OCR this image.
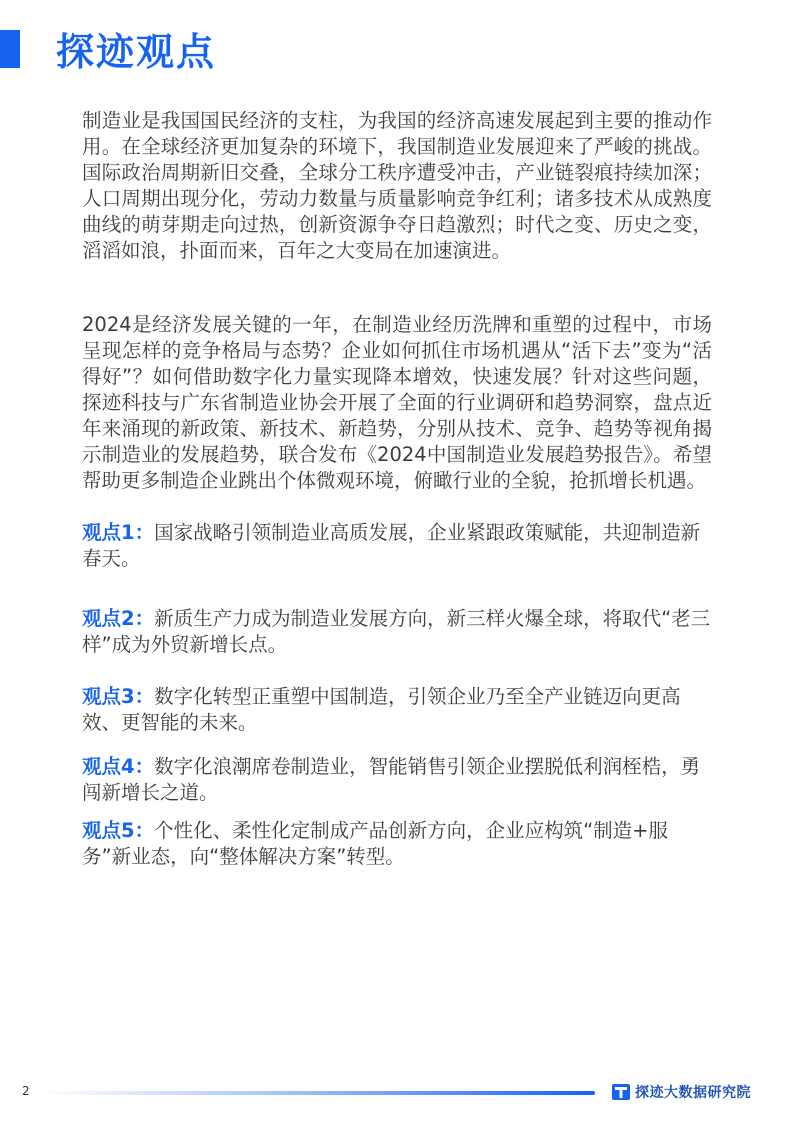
探迹观点

制造业是我国国民经济的支柱，为我国的经济高速发展起到主要的推动作用。在全球经济更加复杂的环境下，我国制造业发展迎来了严峻的挑战。国际政治周期新旧交叠，全球分工秩序遭受冲击，产业链裂痕持续加深；人口周期出现分化，劳动力数量与质量影响竞争红利；诸多技术从成熟度曲线的萌芽期走向过热，创新资源争夺日趋激烈；时代之变、历史之变，滔滔如浪，扑面而来，百年之大变局在加速演进。

2024是经济发展关键的一年，在制造业经历洗牌和重塑的过程中，市场呈现怎样的竞争格局与态势？企业如何抓住市场机遇从“活下去”变为“活得好”？如何借助数字化力量实现降本增效，快速发展？针对这些问题，探迹科技与广东省制造业协会开展了全面的行业调研和趋势洞察，盘点近年来涌现的新政策、新技术、新趋势，分别从技术、竞争、趋势等视角揭示制造业的发展趋势，联合发布《2024中国制造业发展趋势报告》。希望帮助更多制造企业跳出个体微观环境，俯瞰行业的全貌，抢抓增长机遇。

观点1：国家战略引领制造业高质发展，企业紧跟政策赋能，共迎制造新春天。

观点2：新质生产力成为制造业发展方向，新三样火爆全球，将取代“老三样”成为外贸新增长点。

观点3：数字化转型正重塑中国制造，引领企业乃至全产业链迈向更高效、更智能的未来。

观点4：数字化浪潮席卷制造业，智能销售引领企业摆脱低利润桎梏，勇闯新增长之道。

观点5：个性化、柔性化定制成产品创新方向，企业应构筑“制造+服务”新业态，向“整体解决方案”转型。

2	探迹大数据研究院
